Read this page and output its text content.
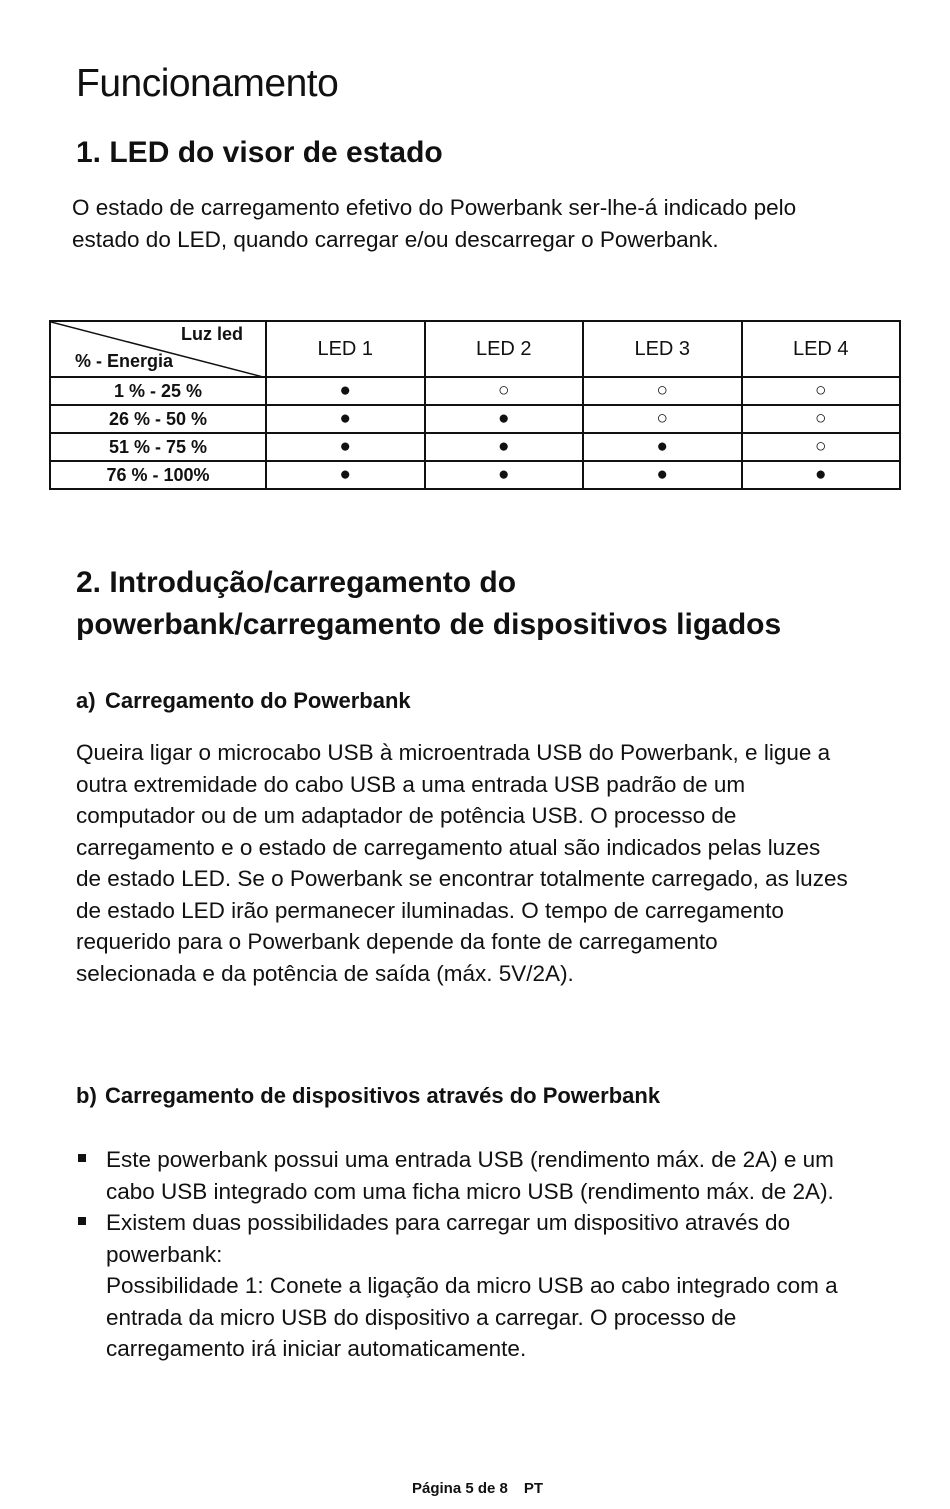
Funcionamento
1. LED do visor de estado
O estado de carregamento efetivo do Powerbank ser-lhe-á indicado pelo
estado do LED, quando carregar e/ou descarregar o Powerbank.
Luz led
% - Energia	LED 1	LED 2	LED 3	LED 4
1 % - 25 %	●	○	○	○
26 % - 50 %	●	●	○	○
51 % - 75 %	●	●	●	○
76 % - 100%	●	●	●	●
2. Introdução/carregamento do
powerbank/carregamento de dispositivos ligados
a) Carregamento do Powerbank
Queira ligar o microcabo USB à microentrada USB do Powerbank, e ligue a
outra extremidade do cabo USB a uma entrada USB padrão de um
computador ou de um adaptador de potência USB. O processo de
carregamento e o estado de carregamento atual são indicados pelas luzes
de estado LED. Se o Powerbank se encontrar totalmente carregado, as luzes
de estado LED irão permanecer iluminadas. O tempo de carregamento
requerido para o Powerbank depende da fonte de carregamento
selecionada e da potência de saída (máx. 5V/2A).
b) Carregamento de dispositivos através do Powerbank
Este powerbank possui uma entrada USB (rendimento máx. de 2A) e um
cabo USB integrado com uma ficha micro USB (rendimento máx. de 2A).
Existem duas possibilidades para carregar um dispositivo através do
powerbank:
Possibilidade 1: Conete a ligação da micro USB ao cabo integrado com a
entrada da micro USB do dispositivo a carregar. O processo de
carregamento irá iniciar automaticamente.
Página 5 de 8 PT
